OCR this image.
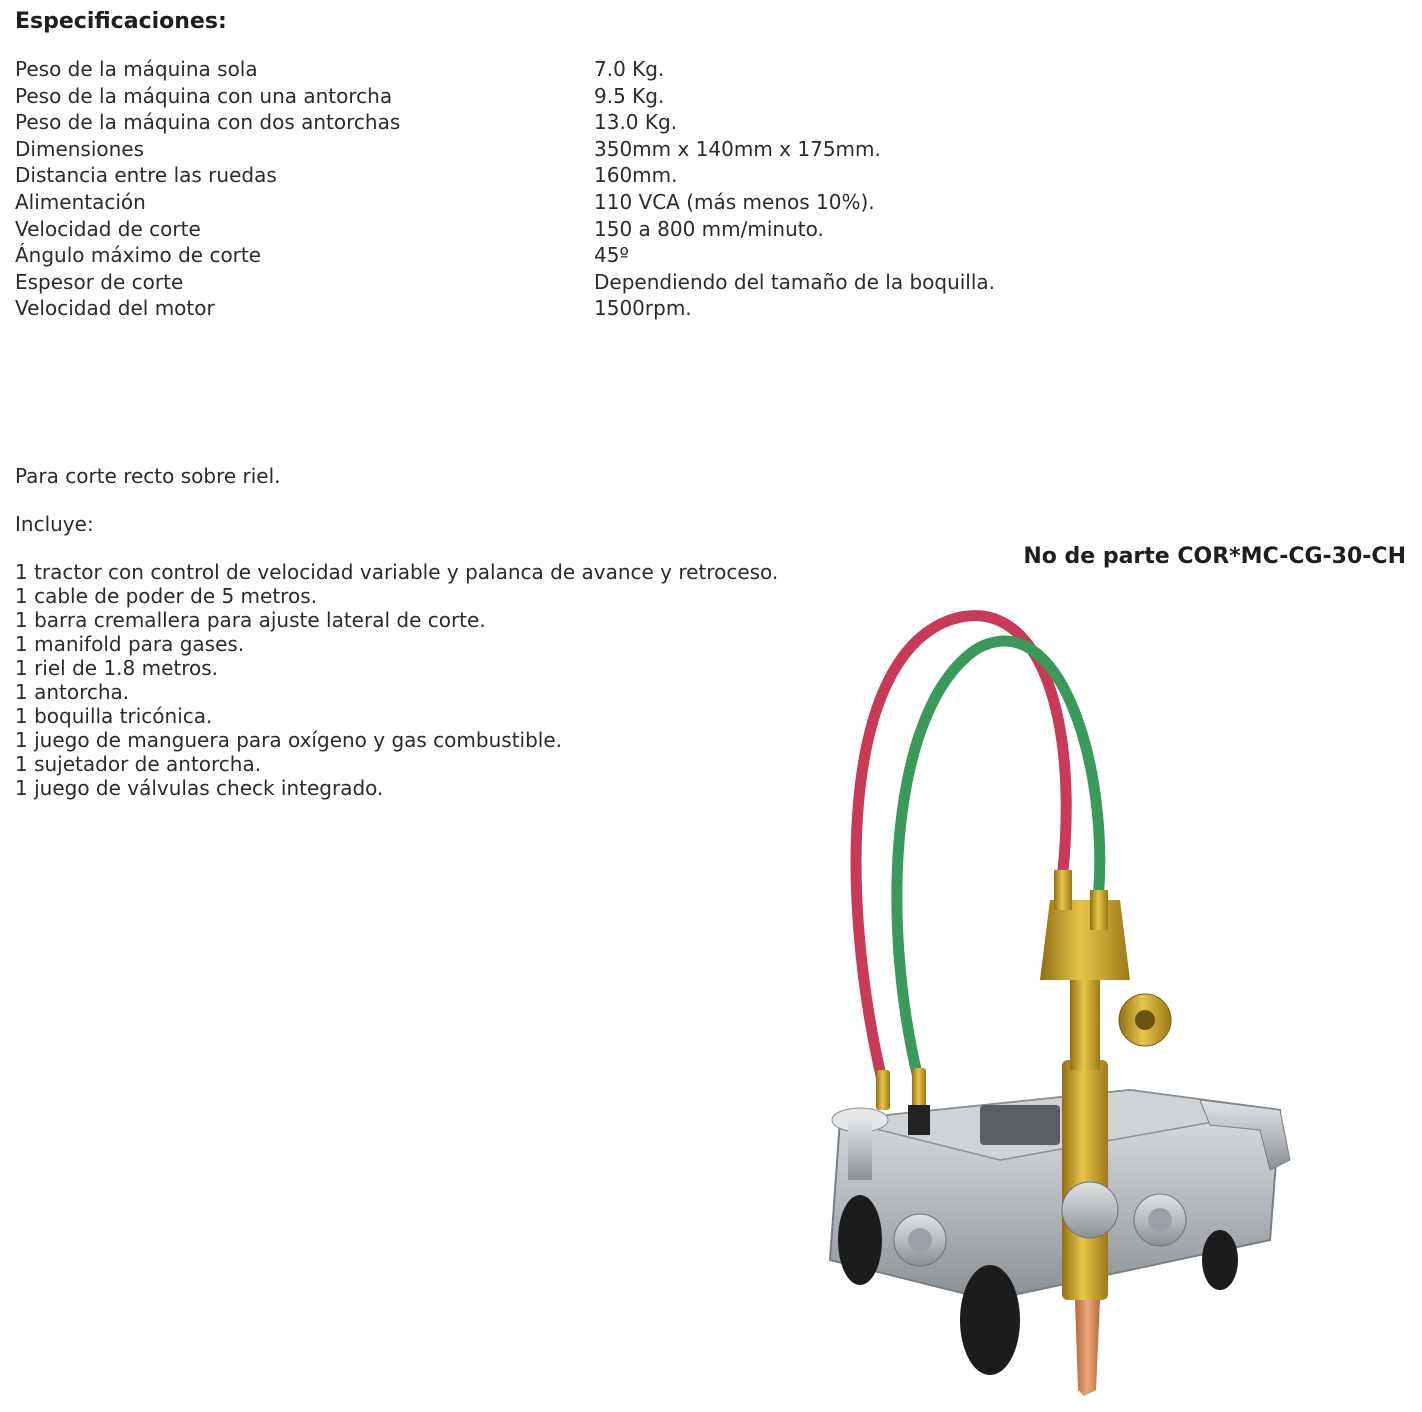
Especificaciones:
Peso de la máquina sola	7.0 Kg.
Peso de la máquina con una antorcha	9.5 Kg.
Peso de la máquina con dos antorchas	13.0 Kg.
Dimensiones	350mm x 140mm x 175mm.
Distancia entre las ruedas	160mm.
Alimentación	110 VCA (más menos 10%).
Velocidad de corte	150 a 800 mm/minuto.
Ángulo máximo de corte	45º
Espesor de corte	Dependiendo del tamaño de la boquilla.
Velocidad del motor	1500rpm.

Para corte recto sobre riel.

Incluye:

1 tractor con control de velocidad variable y palanca de avance y retroceso.
1 cable de poder de 5 metros.
1 barra cremallera para ajuste lateral de corte.
1 manifold para gases.
1 riel de 1.8 metros.
1 antorcha.
1 boquilla tricónica.
1 juego de manguera para oxígeno y gas combustible.
1 sujetador de antorcha.
1 juego de válvulas check integrado.
No de parte COR*MC-CG-30-CH
